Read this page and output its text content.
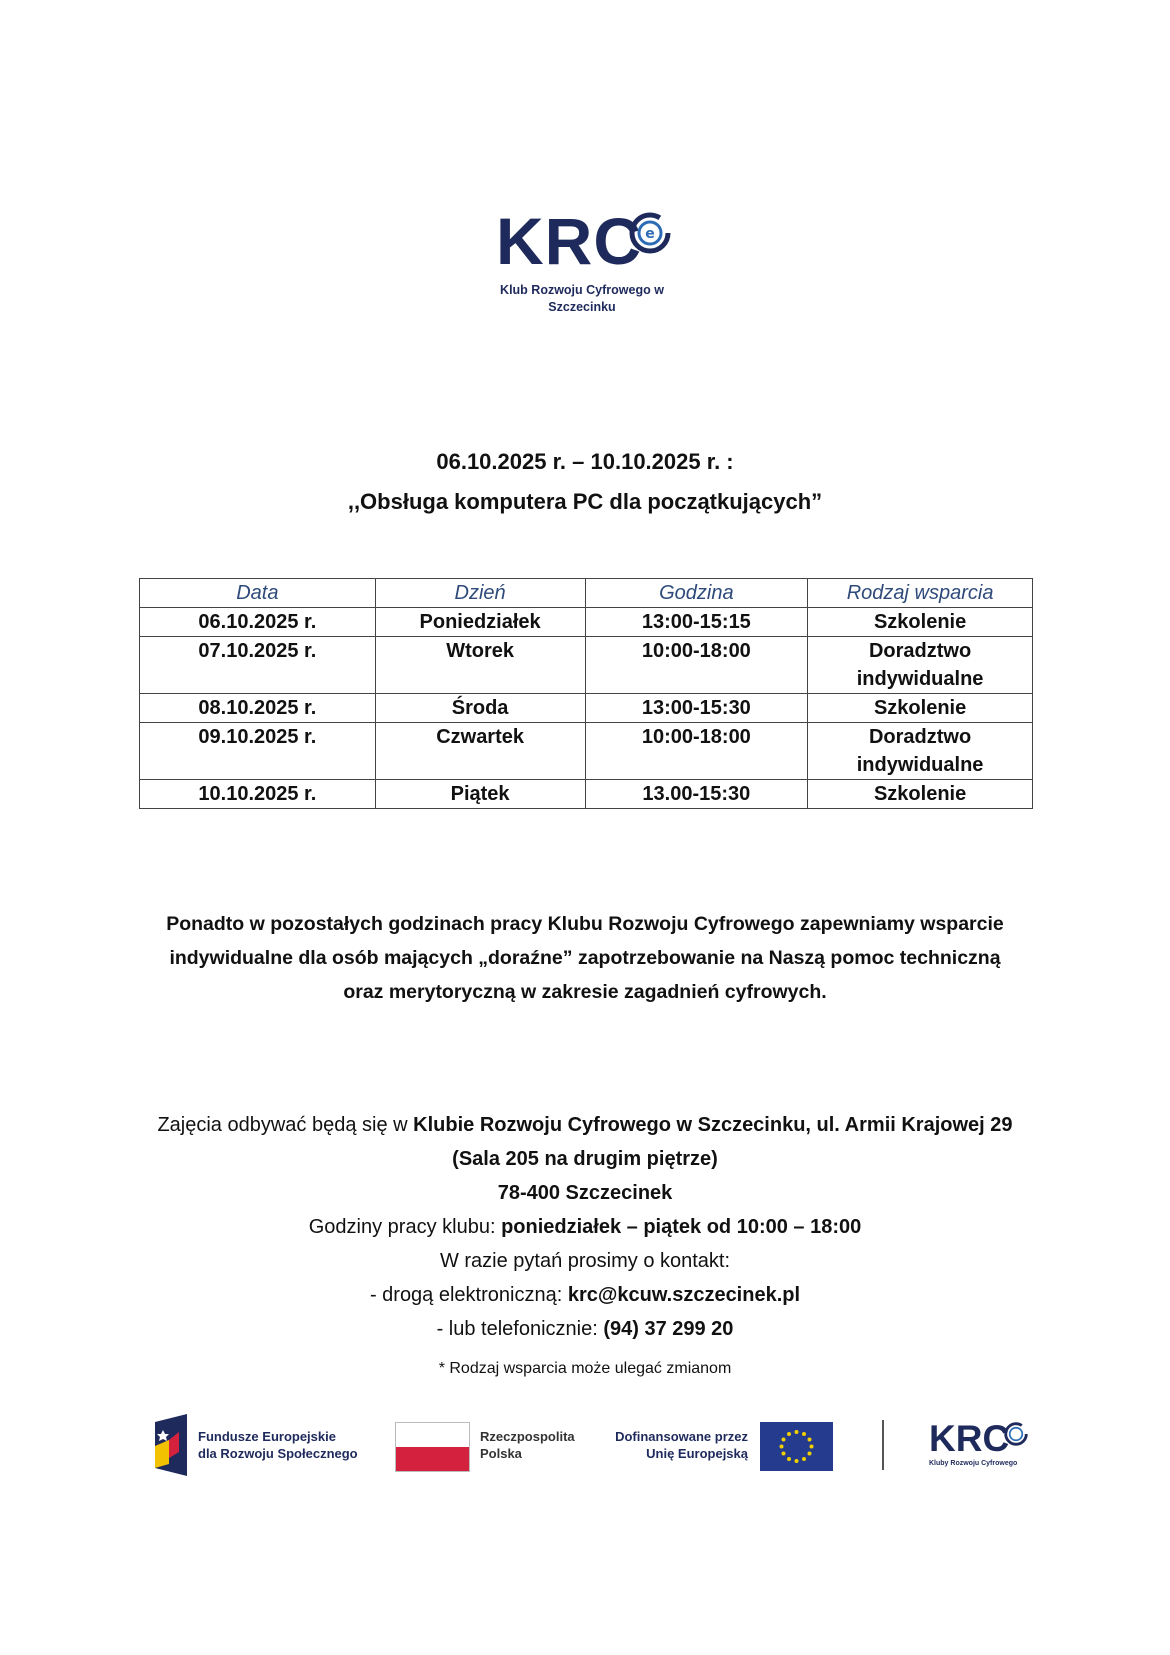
KRC e
Klub Rozwoju Cyfrowego w
Szczecinku
06.10.2025 r. – 10.10.2025 r. :
,,Obsługa komputera PC dla początkujących”
Data	Dzień	Godzina	Rodzaj wsparcia
06.10.2025 r.	Poniedziałek	13:00-15:15	Szkolenie
07.10.2025 r.	Wtorek	10:00-18:00	Doradztwo indywidualne
08.10.2025 r.	Środa	13:00-15:30	Szkolenie
09.10.2025 r.	Czwartek	10:00-18:00	Doradztwo indywidualne
10.10.2025 r.	Piątek	13.00-15:30	Szkolenie
Ponadto w pozostałych godzinach pracy Klubu Rozwoju Cyfrowego zapewniamy wsparcie
indywidualne dla osób mających „doraźne” zapotrzebowanie na Naszą pomoc techniczną
oraz merytoryczną w zakresie zagadnień cyfrowych.
Zajęcia odbywać będą się w Klubie Rozwoju Cyfrowego w Szczecinku, ul. Armii Krajowej 29
(Sala 205 na drugim piętrze)
78-400 Szczecinek
Godziny pracy klubu: poniedziałek – piątek od 10:00 – 18:00
W razie pytań prosimy o kontakt:
- drogą elektroniczną: krc@kcuw.szczecinek.pl
- lub telefonicznie: (94) 37 299 20
* Rodzaj wsparcia może ulegać zmianom
Fundusze Europejskie
dla Rozwoju Społecznego
Rzeczpospolita
Polska
Dofinansowane przez
Unię Europejską	KRC
Kluby Rozwoju Cyfrowego
